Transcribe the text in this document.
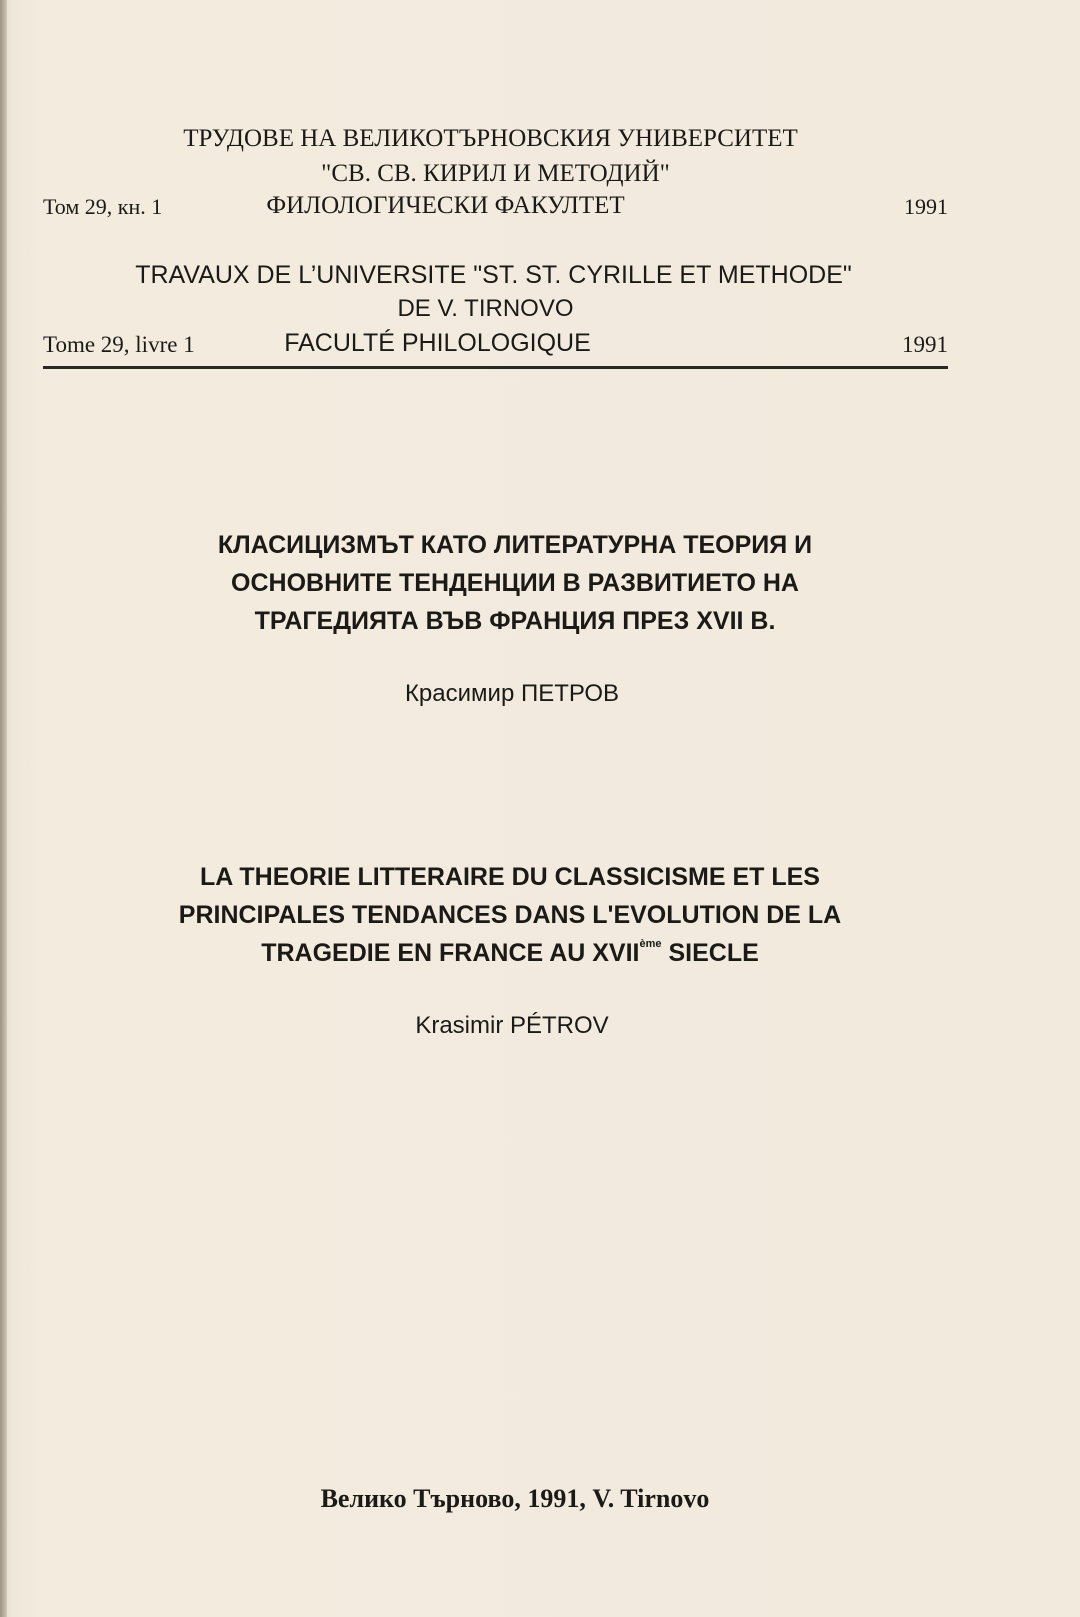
ТРУДОВЕ НА ВЕЛИКОТЪРНОВСКИЯ УНИВЕРСИТЕТ
"СВ. СВ. КИРИЛ И МЕТОДИЙ"
Том 29, кн. 1	ФИЛОЛОГИЧЕСКИ ФАКУЛТЕТ	1991
TRAVAUX DE L’UNIVERSITE "ST. ST. CYRILLE ET METHODE"
DE V. TIRNOVO
Tome 29, livre 1	FACULTÉ PHILOLOGIQUE	1991
КЛАСИЦИЗМЪТ КАТО ЛИТЕРАТУРНА ТЕОРИЯ И
ОСНОВНИТЕ ТЕНДЕНЦИИ В РАЗВИТИЕТО НА
ТРАГЕДИЯТА ВЪВ ФРАНЦИЯ ПРЕЗ XVII В.
Красимир ПЕТРОВ
LA THEORIE LITTERAIRE DU CLASSICISME ET LES
PRINCIPALES TENDANCES DANS L'EVOLUTION DE LA
TRAGEDIE EN FRANCE AU XVIIème SIECLE
Krasimir PÉTROV
Велико Търново, 1991, V. Tirnovo
